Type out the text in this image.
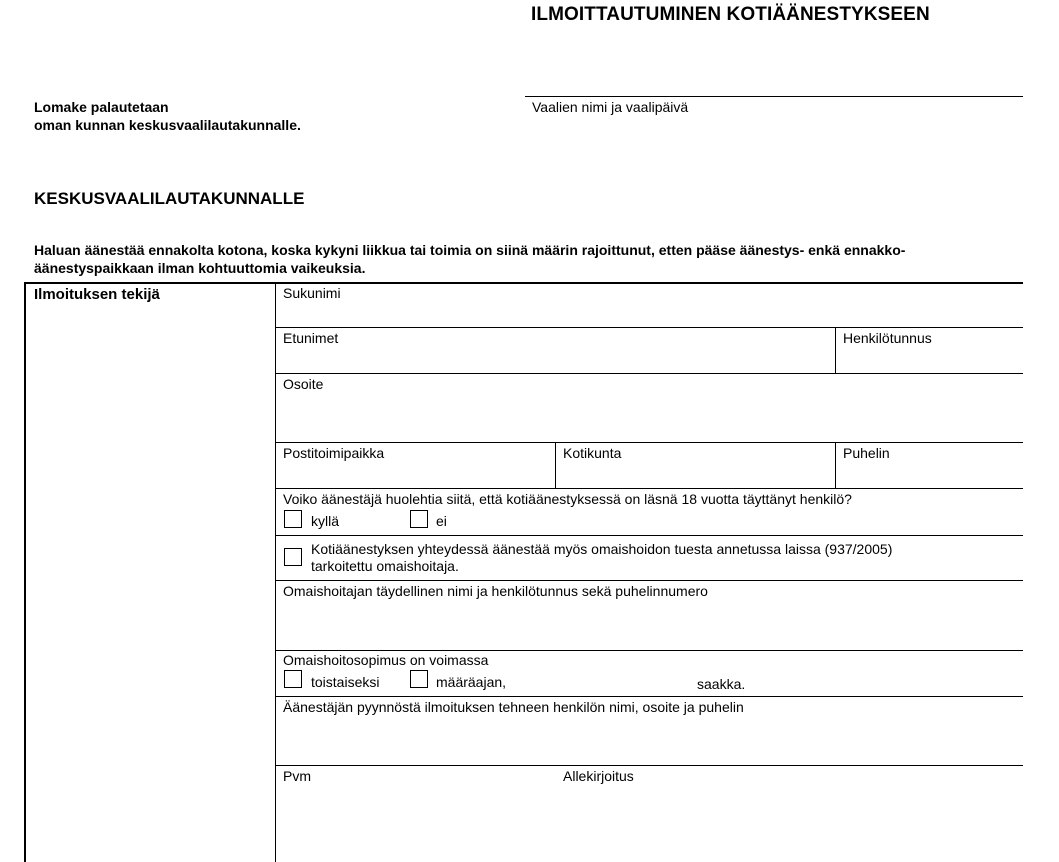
ILMOITTAUTUMINEN KOTIÄÄNESTYKSEEN
Lomake palautetaan
oman kunnan keskusvaalilautakunnalle.
Vaalien nimi ja vaalipäivä
KESKUSVAALILAUTAKUNNALLE
Haluan äänestää ennakolta kotona, koska kykyni liikkua tai toimia on siinä määrin rajoittunut, etten pääse äänestys- enkä ennakko-äänestyspaikkaan ilman kohtuuttomia vaikeuksia.
Ilmoituksen tekijä	Sukunimi
Etunimet	Henkilötunnus
Osoite
Postitoimipaikka	Kotikunta	Puhelin
Voiko äänestäjä huolehtia siitä, että kotiäänestyksessä on läsnä 18 vuotta täyttänyt henkilö?
kyllä	ei
Kotiäänestyksen yhteydessä äänestää myös omaishoidon tuesta annetussa laissa (937/2005)
tarkoitettu omaishoitaja.
Omaishoitajan täydellinen nimi ja henkilötunnus sekä puhelinnumero
Omaishoitosopimus on voimassa
toistaiseksi	määräajan,	saakka.
Äänestäjän pyynnöstä ilmoituksen tehneen henkilön nimi, osoite ja puhelin
Pvm	Allekirjoitus
